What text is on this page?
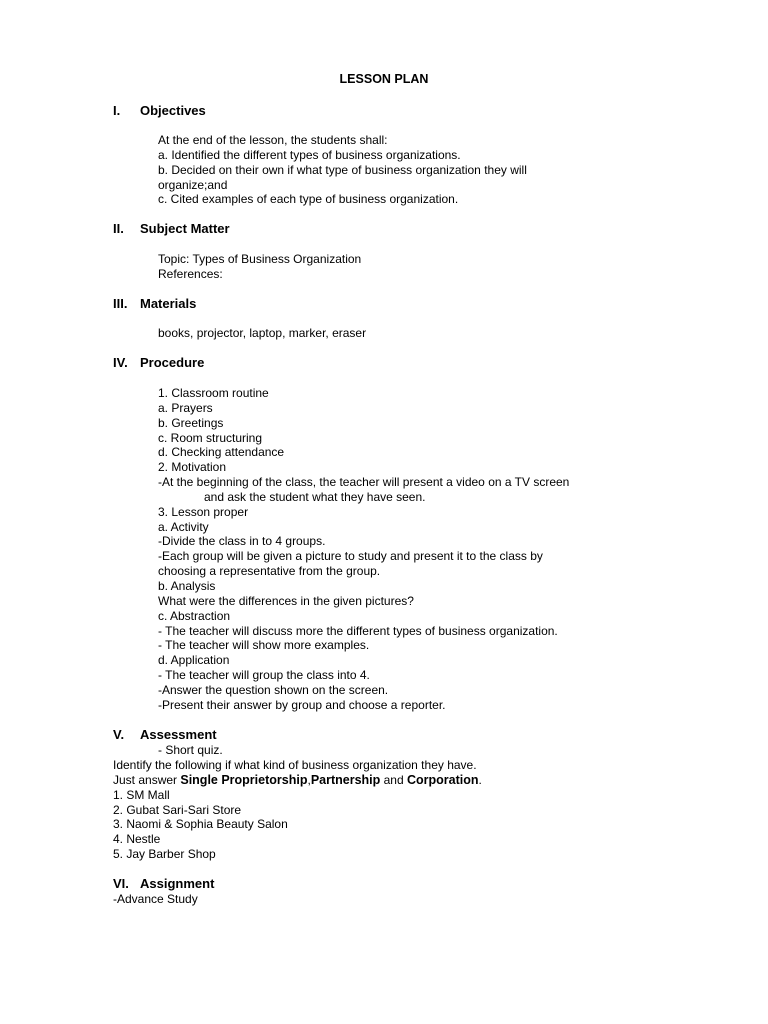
LESSON PLAN
I. Objectives
At the end of the lesson, the students shall:
a. Identified the different types of business organizations.
b. Decided on their own if what type of business organization they will
organize;and
c. Cited examples of each type of business organization.
II. Subject Matter
Topic: Types of Business Organization
References:
III. Materials
books, projector, laptop, marker, eraser
IV. Procedure
1. Classroom routine
a. Prayers
b. Greetings
c. Room structuring
d. Checking attendance
2. Motivation
-At the beginning of the class, the teacher will present a video on a TV screen
and ask the student what they have seen.
3. Lesson proper
a. Activity
-Divide the class in to 4 groups.
-Each group will be given a picture to study and present it to the class by
choosing a representative from the group.
b. Analysis
What were the differences in the given pictures?
c. Abstraction
- The teacher will discuss more the different types of business organization.
- The teacher will show more examples.
d. Application
- The teacher will group the class into 4.
-Answer the question shown on the screen.
-Present their answer by group and choose a reporter.
V. Assessment
- Short quiz.
Identify the following if what kind of business organization they have.
Just answer Single Proprietorship,Partnership and Corporation.
1. SM Mall
2. Gubat Sari-Sari Store
3. Naomi & Sophia Beauty Salon
4. Nestle
5. Jay Barber Shop
VI. Assignment
-Advance Study
